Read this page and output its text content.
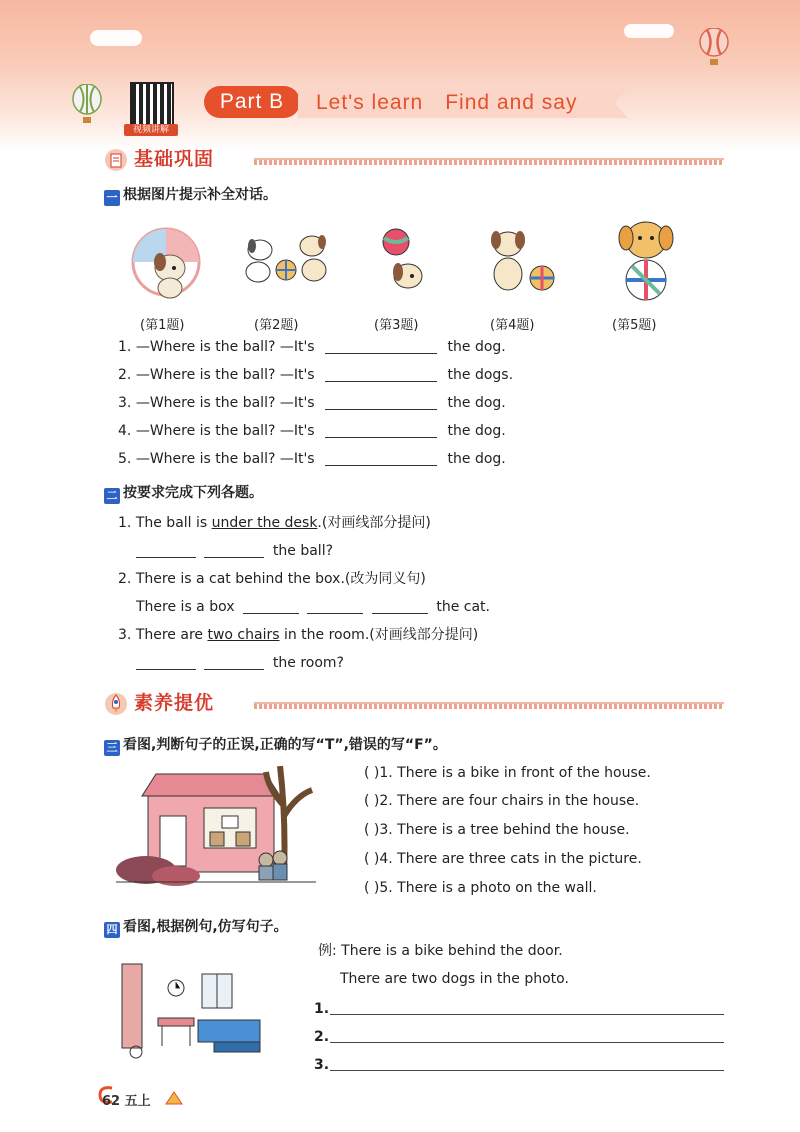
视频讲解
Part B	Let's learn Find and say
基础巩固
一 根据图片提示补全对话。
(第1题)	(第2题)	(第3题)	(第4题)	(第5题)
1. —Where is the ball? —It's	the dog.
2. —Where is the ball? —It's	the dogs.
3. —Where is the ball? —It's	the dog.
4. —Where is the ball? —It's	the dog.
5. —Where is the ball? —It's	the dog.
二 按要求完成下列各题。
1. The ball is under the desk.(对画线部分提问)
the ball?
2. There is a cat behind the box.(改为同义句)
There is a box	the cat.
3. There are two chairs in the room.(对画线部分提问)
the room?
素养提优
三 看图,判断句子的正误,正确的写“T”,错误的写“F”。
( )1. There is a bike in front of the house.
( )2. There are four chairs in the house.
( )3. There is a tree behind the house.
( )4. There are three cats in the picture.
( )5. There is a photo on the wall.
四 看图,根据例句,仿写句子。
例: There is a bike behind the door.
There are two dogs in the photo.
1.
2.
3.
62 五上
